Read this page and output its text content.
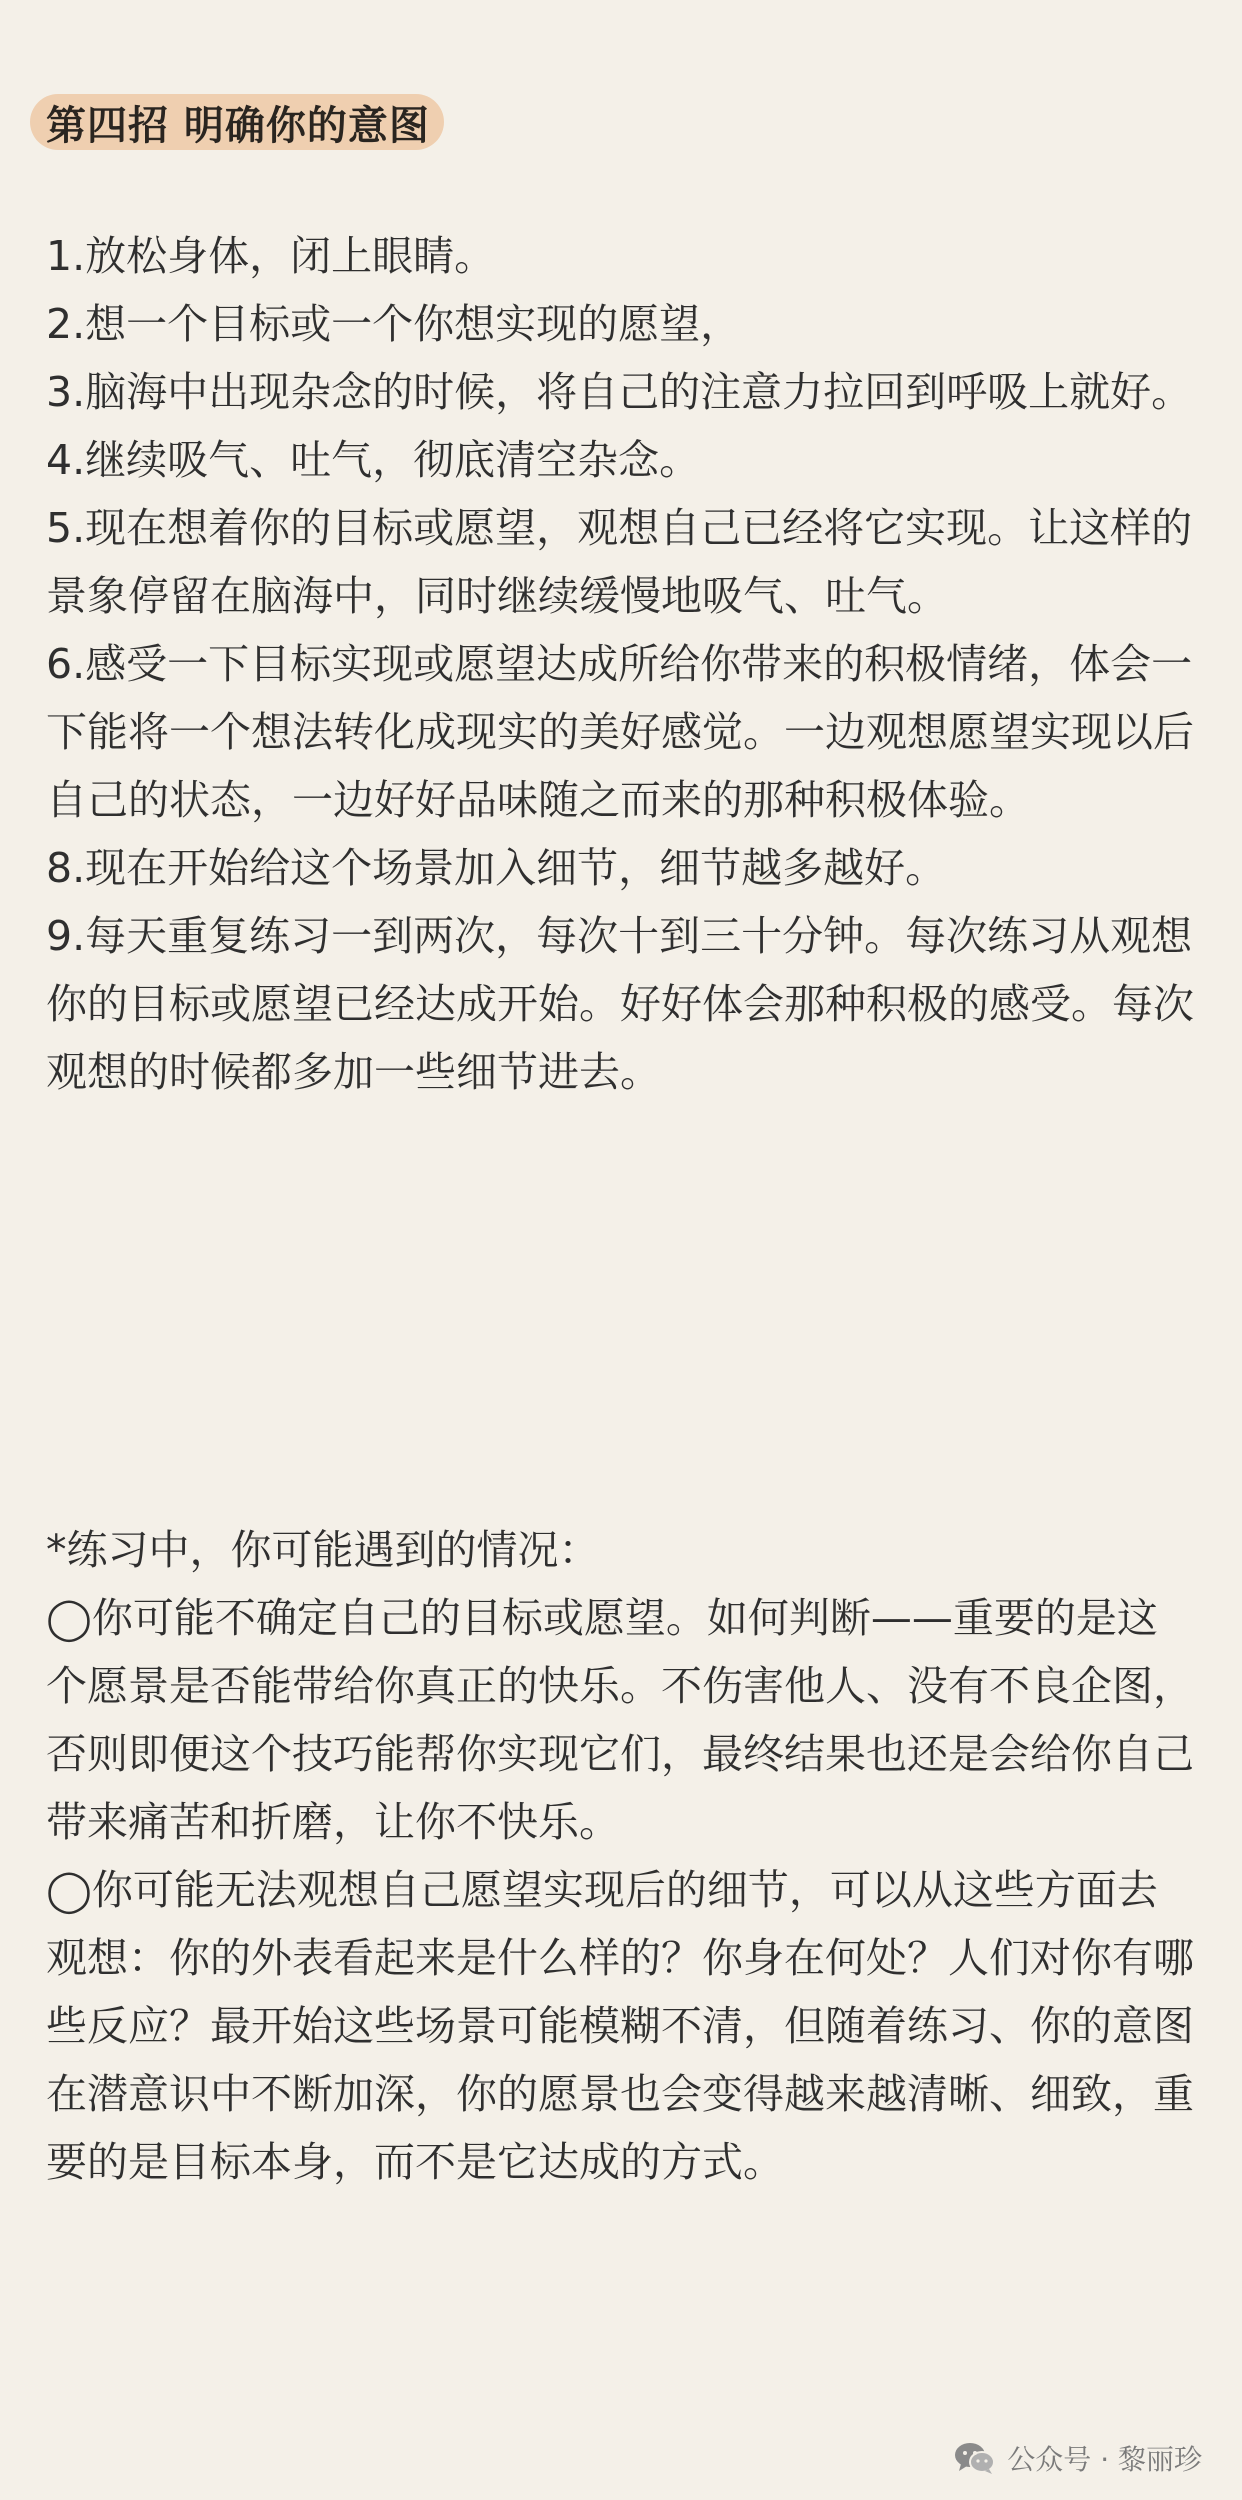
第四招 明确你的意图
1.放松身体，闭上眼睛。
2.想一个目标或一个你想实现的愿望，
3.脑海中出现杂念的时候，将自己的注意力拉回到呼吸上就好。
4.继续吸气、吐气，彻底清空杂念。
5.现在想着你的目标或愿望，观想自己已经将它实现。让这样的景象停留在脑海中，同时继续缓慢地吸气、吐气。
6.感受一下目标实现或愿望达成所给你带来的积极情绪，体会一下能将一个想法转化成现实的美好感觉。一边观想愿望实现以后自己的状态，一边好好品味随之而来的那种积极体验。
8.现在开始给这个场景加入细节，细节越多越好。
9.每天重复练习一到两次，每次十到三十分钟。每次练习从观想你的目标或愿望已经达成开始。好好体会那种积极的感受。每次观想的时候都多加一些细节进去。

*练习中，你可能遇到的情况：

◯你可能不确定自己的目标或愿望。如何判断——重要的是这个愿景是否能带给你真正的快乐。不伤害他人、没有不良企图，否则即便这个技巧能帮你实现它们，最终结果也还是会给你自己带来痛苦和折磨，让你不快乐。

◯你可能无法观想自己愿望实现后的细节，可以从这些方面去观想：你的外表看起来是什么样的？你身在何处？人们对你有哪些反应？最开始这些场景可能模糊不清，但随着练习、你的意图在潜意识中不断加深，你的愿景也会变得越来越清晰、细致，重要的是目标本身，而不是它达成的方式。

公众号 · 黎丽珍
